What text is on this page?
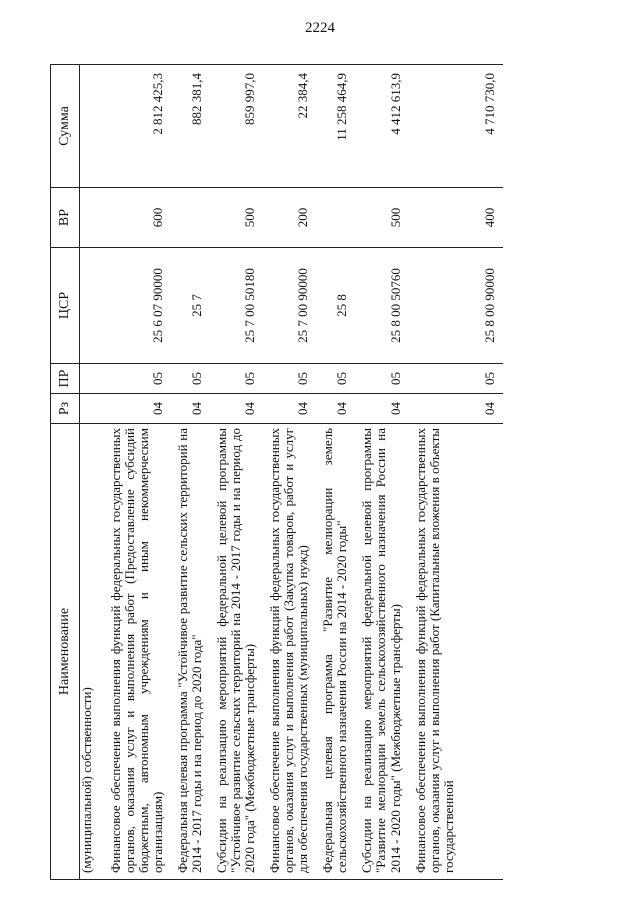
2224
Наименование	Рз	ПР	ЦСР	ВР	Сумма
(муниципальной) собственности)					
Финансовое обеспечение выполнения функций федеральных государственных органов, оказания услуг и выполнения работ (Предоставление субсидий бюджетным, автономным учреждениям и иным некоммерческим организациям)	04	05	25 6 07 90000	600	2 812 425,3
Федеральная целевая программа "Устойчивое развитие сельских территорий на 2014 - 2017 годы и на период до 2020 года"	04	05	25 7		882 381,4
Субсидии на реализацию мероприятий федеральной целевой программы "Устойчивое развитие сельских территорий на 2014 - 2017 годы и на период до 2020 года" (Межбюджетные трансферты)	04	05	25 7 00 50180	500	859 997,0
Финансовое обеспечение выполнения функций федеральных государственных органов, оказания услуг и выполнения работ (Закупка товаров, работ и услуг для обеспечения государственных (муниципальных) нужд)	04	05	25 7 00 90000	200	22 384,4
Федеральная целевая программа "Развитие мелиорации земель сельскохозяйственного назначения России на 2014 - 2020 годы"	04	05	25 8		11 258 464,9
Субсидии на реализацию мероприятий федеральной целевой программы "Развитие мелиорации земель сельскохозяйственного назначения России на 2014 - 2020 годы" (Межбюджетные трансферты)	04	05	25 8 00 50760	500	4 412 613,9
Финансовое обеспечение выполнения функций федеральных государственных органов, оказания услуг и выполнения работ (Капитальные вложения в объекты государственной	04	05	25 8 00 90000	400	4 710 730,0
